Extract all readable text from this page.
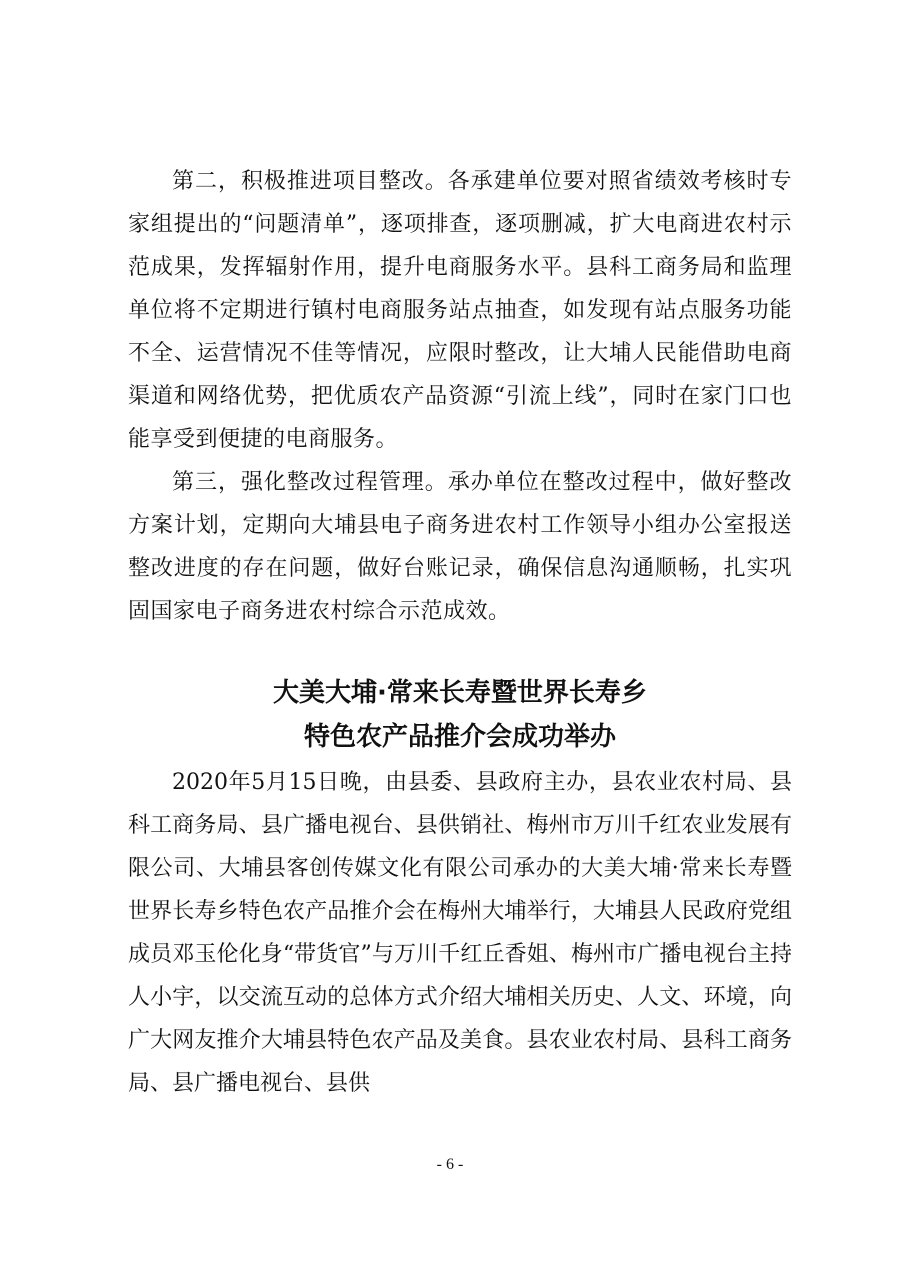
第二，积极推进项目整改。各承建单位要对照省绩效考核时专家组提出的“问题清单”，逐项排查，逐项删减，扩大电商进农村示范成果，发挥辐射作用，提升电商服务水平。县科工商务局和监理单位将不定期进行镇村电商服务站点抽查，如发现有站点服务功能不全、运营情况不佳等情况，应限时整改，让大埔人民能借助电商渠道和网络优势，把优质农产品资源“引流上线”，同时在家门口也能享受到便捷的电商服务。

第三，强化整改过程管理。承办单位在整改过程中，做好整改方案计划，定期向大埔县电子商务进农村工作领导小组办公室报送整改进度的存在问题，做好台账记录，确保信息沟通顺畅，扎实巩固国家电子商务进农村综合示范成效。

大美大埔·常来长寿暨世界长寿乡
特色农产品推介会成功举办

2020年5月15日晚，由县委、县政府主办，县农业农村局、县科工商务局、县广播电视台、县供销社、梅州市万川千红农业发展有限公司、大埔县客创传媒文化有限公司承办的大美大埔·常来长寿暨世界长寿乡特色农产品推介会在梅州大埔举行，大埔县人民政府党组成员邓玉伦化身“带货官”与万川千红丘香姐、梅州市广播电视台主持人小宇，以交流互动的总体方式介绍大埔相关历史、人文、环境，向广大网友推介大埔县特色农产品及美食。县农业农村局、县科工商务局、县广播电视台、县供

- 6 -
